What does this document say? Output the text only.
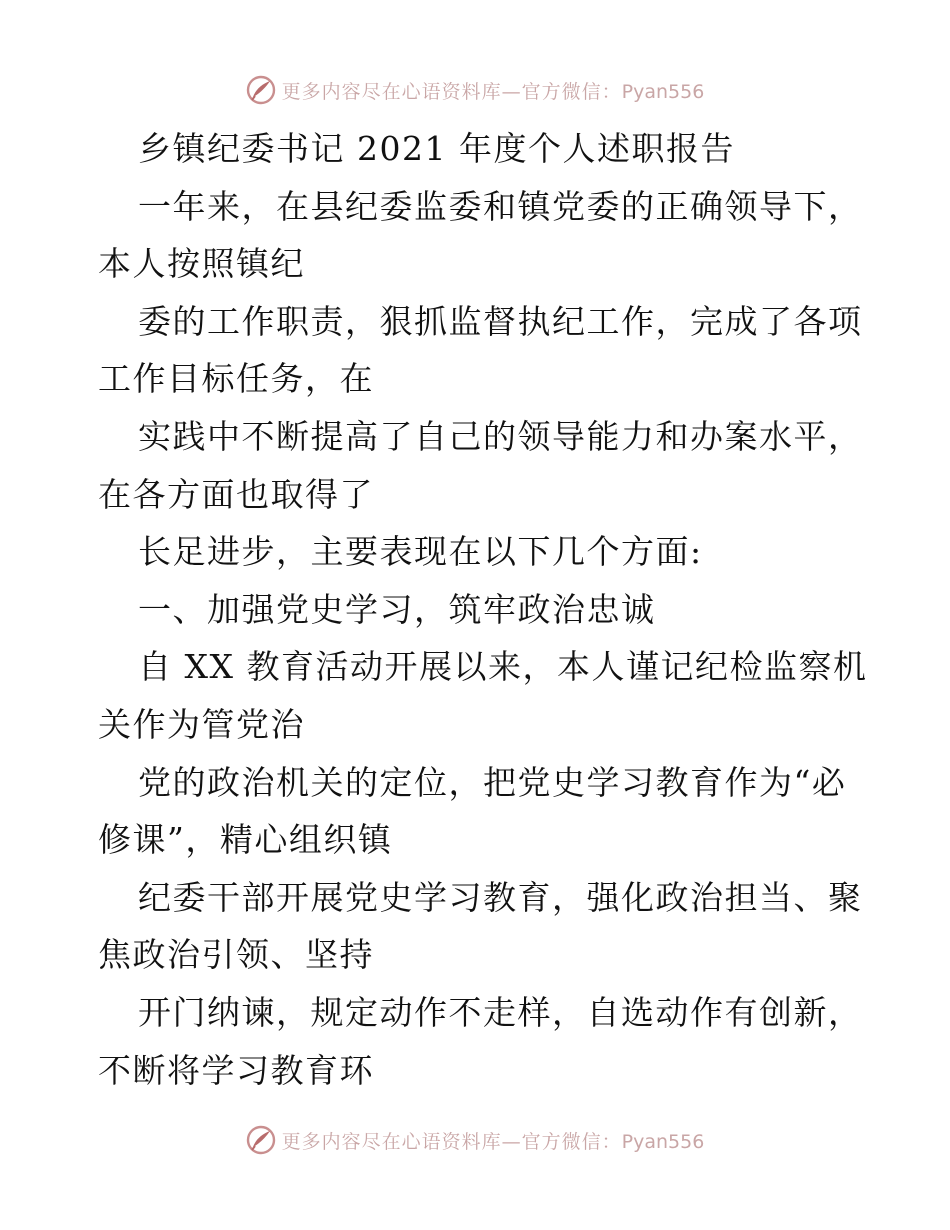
更多内容尽在心语资料库—官方微信：Pyan556
乡镇纪委书记 2021 年度个人述职报告
一年来，在县纪委监委和镇党委的正确领导下，
本人按照镇纪
委的工作职责，狠抓监督执纪工作，完成了各项
工作目标任务，在
实践中不断提高了自己的领导能力和办案水平，
在各方面也取得了
长足进步，主要表现在以下几个方面:
一、加强党史学习，筑牢政治忠诚
自 XX 教育活动开展以来，本人谨记纪检监察机
关作为管党治
党的政治机关的定位，把党史学习教育作为“必
修课”，精心组织镇
纪委干部开展党史学习教育，强化政治担当、聚
焦政治引领、坚持
开门纳谏，规定动作不走样，自选动作有创新，
不断将学习教育环
更多内容尽在心语资料库—官方微信：Pyan556
